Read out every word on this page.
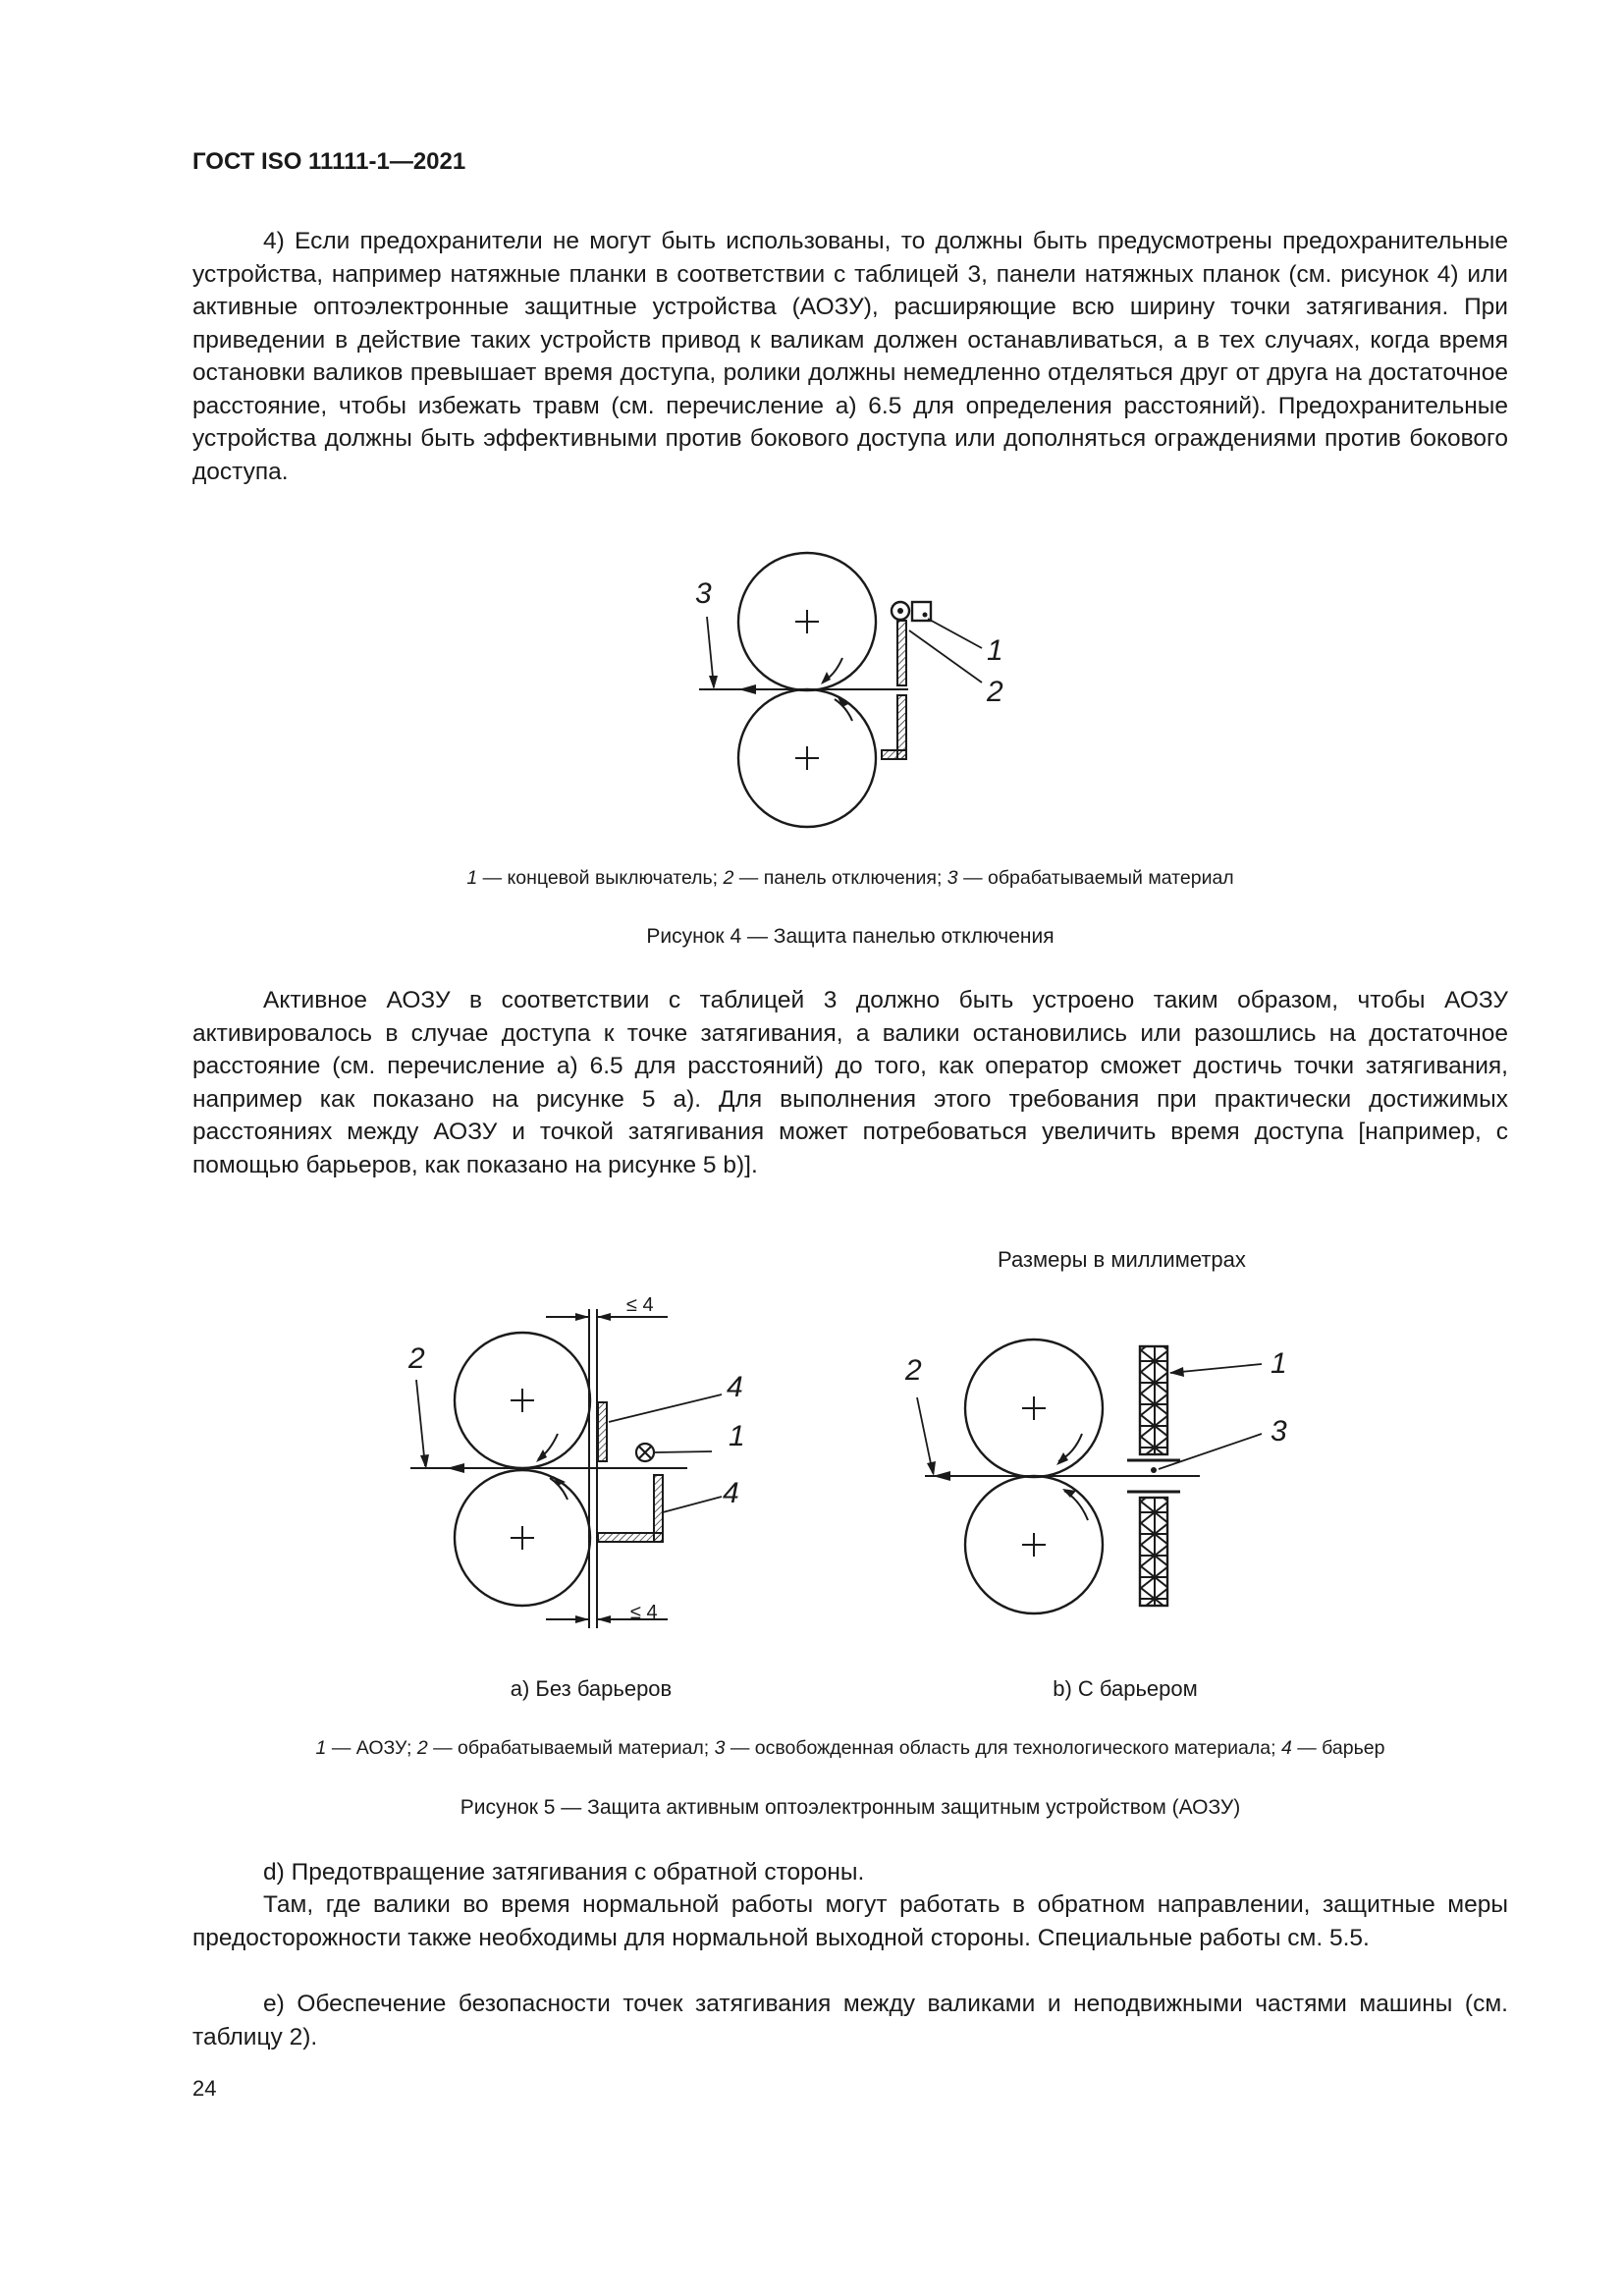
ГОСТ ISO 11111-1—2021

4) Если предохранители не могут быть использованы, то должны быть предусмотрены предохранительные устройства, например натяжные планки в соответствии с таблицей 3, панели натяжных планок (см. рисунок 4) или активные оптоэлектронные защитные устройства (АОЗУ), расширяющие всю ширину точки затягивания. При приведении в действие таких устройств привод к валикам должен останавливаться, а в тех случаях, когда время остановки валиков превышает время доступа, ролики должны немедленно отделяться друг от друга на достаточное расстояние, чтобы избежать травм (см. перечисление а) 6.5 для определения расстояний). Предохранительные устройства должны быть эффективными против бокового доступа или дополняться ограждениями против бокового доступа.

1
2
3
1 — концевой выключатель; 2 — панель отключения; 3 — обрабатываемый материал
Рисунок 4 — Защита панелью отключения

Активное АОЗУ в соответствии с таблицей 3 должно быть устроено таким образом, чтобы АОЗУ активировалось в случае доступа к точке затягивания, а валики остановились или разошлись на достаточное расстояние (см. перечисление а) 6.5 для расстояний) до того, как оператор сможет достичь точки затягивания, например как показано на рисунке 5 а). Для выполнения этого требования при практически достижимых расстояниях между АОЗУ и точкой затягивания может потребоваться увеличить время доступа [например, с помощью барьеров, как показано на рисунке 5 b)].

Размеры в миллиметрах
≤ 4
≤ 4
2
4
1
4
2	1
3
а) Без барьеров	b) С барьером
1 — АОЗУ; 2 — обрабатываемый материал; 3 — освобожденная область для технологического материала; 4 — барьер
Рисунок 5 — Защита активным оптоэлектронным защитным устройством (АОЗУ)

d) Предотвращение затягивания с обратной стороны.

Там, где валики во время нормальной работы могут работать в обратном направлении, защитные меры предосторожности также необходимы для нормальной выходной стороны. Специальные работы см. 5.5.

е) Обеспечение безопасности точек затягивания между валиками и неподвижными частями машины (см. таблицу 2).

24
